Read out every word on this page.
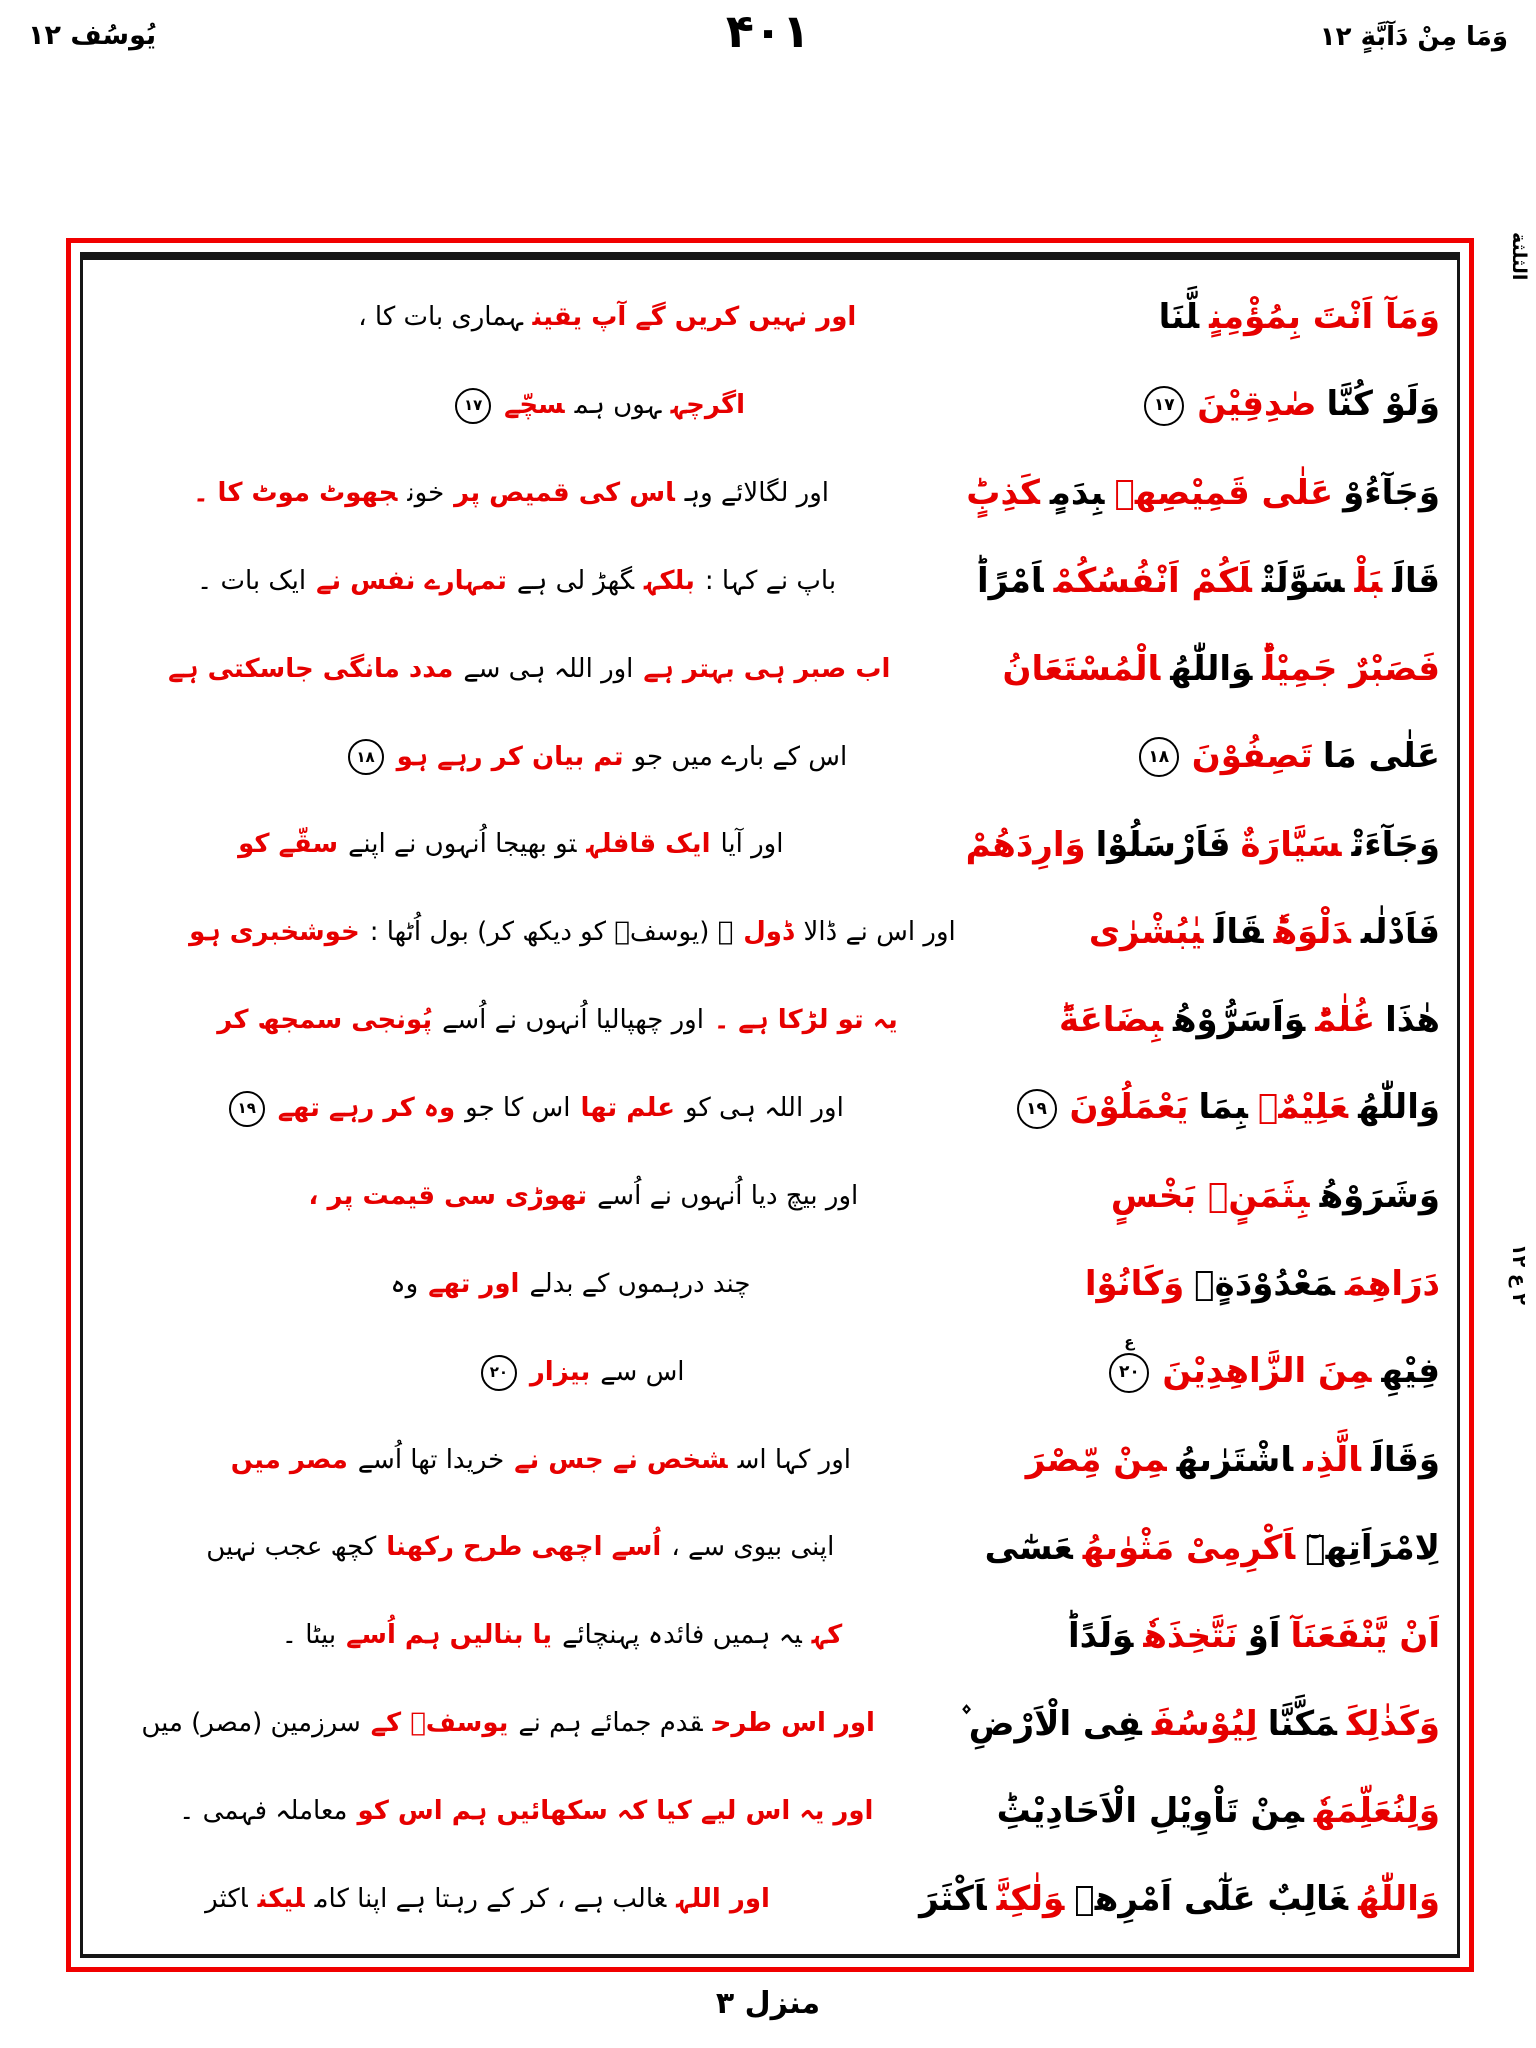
یُوسُف ۱۲	۴۰۱	وَمَا مِنْ دَآبَّةٍ ۱۲
وَمَآ اَنْتَ بِمُؤْمِنٍلَّنَا
اور نہیں کریں گے آپ یقینہماری بات کا ،
وَلَوْ كُنَّاصٰدِقِيْنَ۱۷
اگرچہہوں ہمسچّے۱۷
وَجَآءُوْعَلٰى قَمِيْصِهٖبِدَمٍكَذِبٍؕ
اور لگالائے وہاس کی قمیص پرخونجھوٹ موٹ کا ۔
قَالَبَلْسَوَّلَتْلَكُمْ اَنْفُسُكُمْاَمْرًاؕ
باپ نے کہا :بلکہگھڑ لی ہےتمہارے نفس نےایک بات ۔
فَصَبْرٌ جَمِيْلٌؕوَاللّٰهُالْمُسْتَعَانُ
اب صبر ہی بہتر ہےاور اللہ ہی سےمدد مانگی جاسکتی ہے
عَلٰى مَاتَصِفُوْنَ۱۸
اس کے بارے میں جوتم بیان کر رہے ہو۱۸
وَجَآءَتْسَيَّارَةٌفَاَرْسَلُوْاوَارِدَهُمْ
اور آیاایک قافلہتو بھیجا اُنہوں نے اپنےسقّے کو
فَاَدْلٰىدَلْوَهٗؕقَالَيٰبُشْرٰى
اور اس نے ڈالاڈول۔ (یوسفؑ کو دیکھ کر) بول اُٹھا :خوشخبری ہو
هٰذَاغُلٰمٌؕوَاَسَرُّوْهُبِضَاعَةًؕ
یہ تو لڑکا ہے ۔اور چھپالیا اُنہوں نے اُسےپُونجی سمجھ کر
وَاللّٰهُعَلِيْمٌۢبِمَايَعْمَلُوْنَ۱۹
اور اللہ ہی کوعلم تھااس کا جووہ کر رہے تھے۱۹
وَشَرَوْهُبِثَمَنٍۭ بَخْسٍ
اور بیچ دیا اُنہوں نے اُسےتھوڑی سی قیمت پر ،
دَرَاهِمَمَعْدُوْدَةٍۚوَكَانُوْا
چند درہموں کے بدلےاور تھےوہ
فِيْهِمِنَ الزَّاهِدِيْنَ۲۰
ع
اس سےبیزار۲۰
وَقَالَالَّذِىاشْتَرٰىهُمِنْ مِّصْرَ
اور کہا اسشخص نے جس نےخریدا تھا اُسےمصر میں
لِامْرَاَتِهٖٓاَكْرِمِىْ مَثْوٰىهُعَسٰٓى
اپنی بیوی سے ،اُسے اچھی طرح رکھناکچھ عجب نہیں
اَنْ يَّنْفَعَنَآاَوْنَتَّخِذَهٗوَلَدًاؕ
کہیہ ہمیں فائدہ پہنچائےیا بنالیں ہم اُسےبیٹا ۔
وَكَذٰلِكَمَكَّنَّالِيُوْسُفَفِى الْاَرْضِ ۫
اور اس طرحقدم جمائے ہم نےیوسفؑ کےسرزمین (مصر) میں
وَلِنُعَلِّمَهٗمِنْ تَاْوِيْلِ الْاَحَادِيْثِؕ
اور یہ اس لیے کیا کہ سکھائیں ہم اس کومعاملہ فہمی ۔
وَاللّٰهُغَالِبٌ عَلٰٓى اَمْرِهٖوَلٰكِنَّاَكْثَرَ
اور اللہغالب ہے ، کر کے رہتا ہے اپنا کاملیکناکثر
الثلثة
۲ ع ۱۲
منزل ۳
